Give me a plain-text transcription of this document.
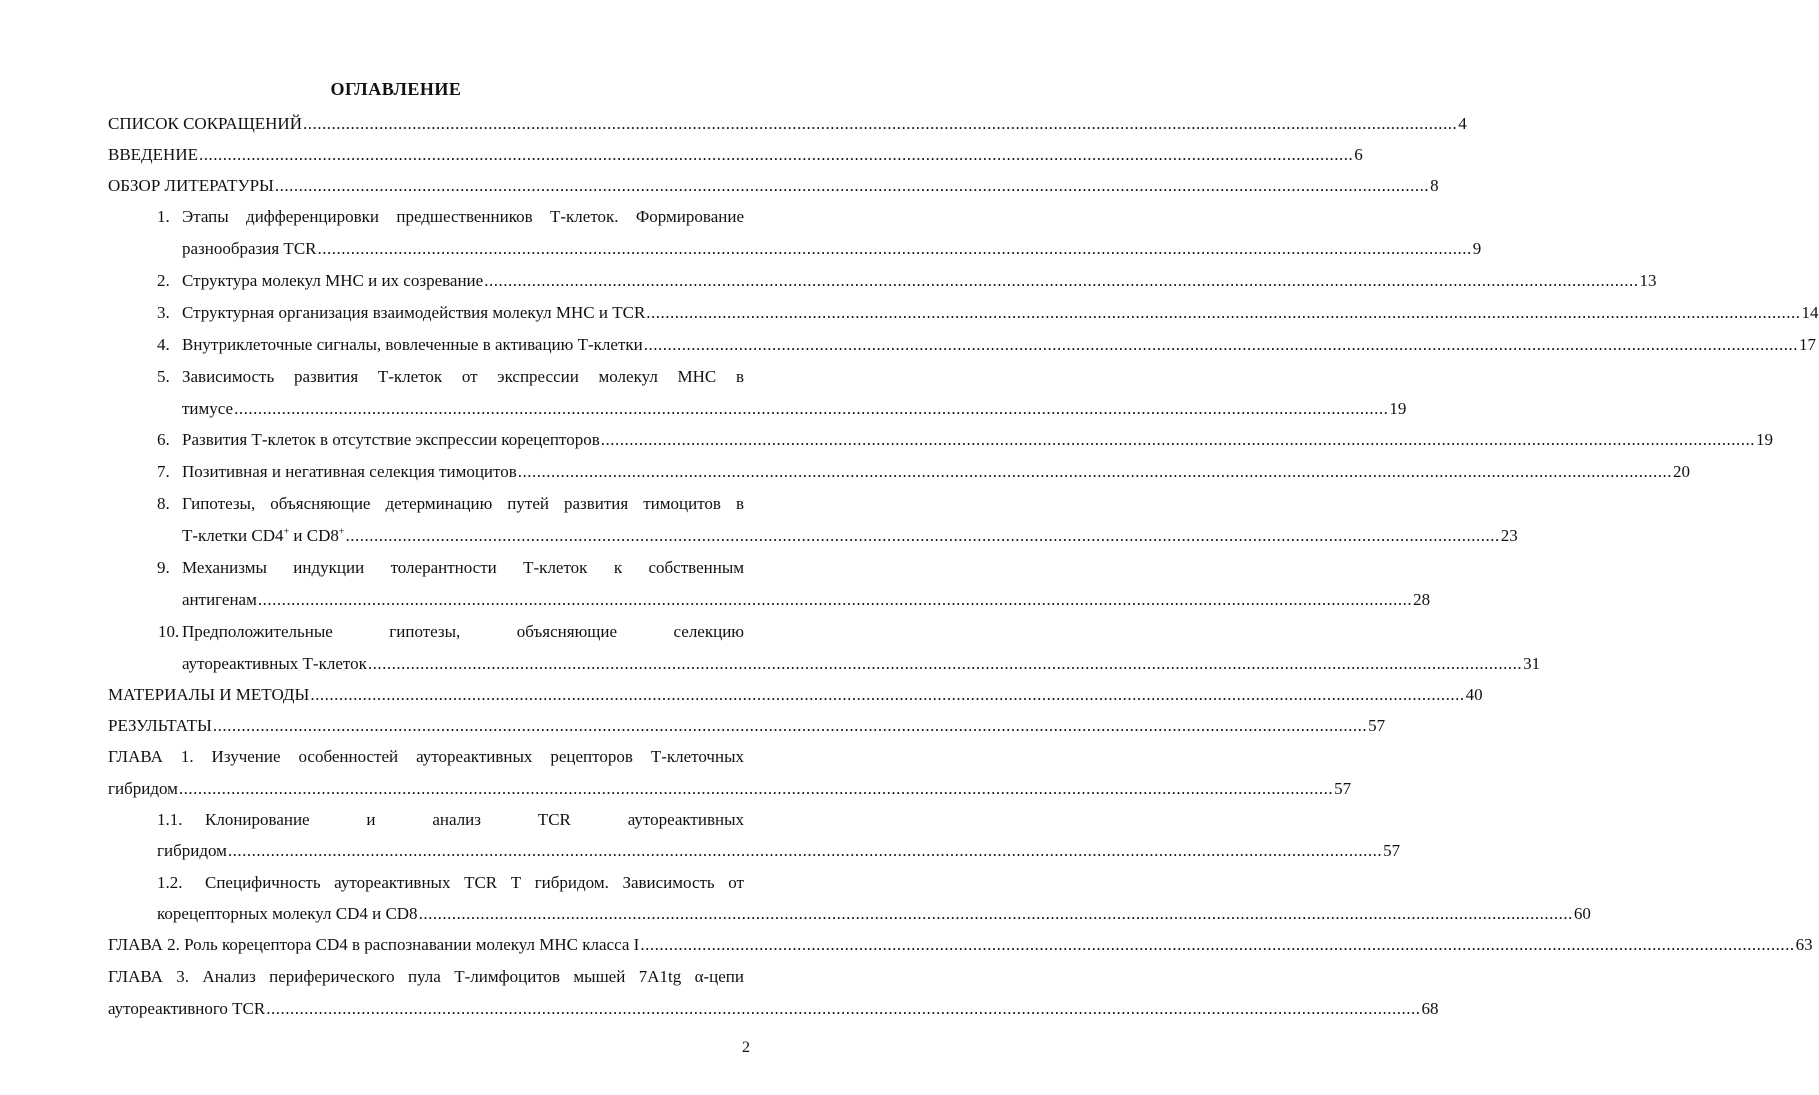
ОГЛАВЛЕНИЕ
СПИСОК СОКРАЩЕНИЙ ................................................................................................................................................................................................................................................... 4
ВВЕДЕНИЕ ................................................................................................................................................................................................................................................... 6
ОБЗОР ЛИТЕРАТУРЫ ................................................................................................................................................................................................................................................... 8
1. Этапы дифференцировки предшественников Т-клеток. Формирование
разнообразия TCR ................................................................................................................................................................................................................................................... 9
2. Структура молекул МНС и их созревание ................................................................................................................................................................................................................................................... 13
3. Структурная организация взаимодействия молекул МНС и TCR ................................................................................................................................................................................................................................................... 14
4. Внутриклеточные сигналы, вовлеченные в активацию Т-клетки ................................................................................................................................................................................................................................................... 17
5. Зависимость развития Т-клеток от экспрессии молекул МНС в
тимусе ................................................................................................................................................................................................................................................... 19
6. Развития Т-клеток в отсутствие экспрессии корецепторов ................................................................................................................................................................................................................................................... 19
7. Позитивная и негативная селекция тимоцитов ................................................................................................................................................................................................................................................... 20
8. Гипотезы, объясняющие детерминацию путей развития тимоцитов в
Т-клетки CD4+ и CD8+ ................................................................................................................................................................................................................................................... 23
9. Механизмы индукции толерантности Т-клеток к собственным
антигенам ................................................................................................................................................................................................................................................... 28
10. Предположительные гипотезы, объясняющие селекцию
аутореактивных Т-клеток ................................................................................................................................................................................................................................................... 31
МАТЕРИАЛЫ И МЕТОДЫ ................................................................................................................................................................................................................................................... 40
РЕЗУЛЬТАТЫ ................................................................................................................................................................................................................................................... 57
ГЛАВА 1. Изучение особенностей аутореактивных рецепторов Т-клеточных
гибридом ................................................................................................................................................................................................................................................... 57
1.1.	Клонирование и анализ TCR аутореактивных
гибридом ................................................................................................................................................................................................................................................... 57
1.2.	Специфичность аутореактивных TCR Т гибридом. Зависимость от
корецепторных молекул CD4 и CD8 ................................................................................................................................................................................................................................................... 60
ГЛАВА 2. Роль корецептора CD4 в распознавании молекул МНС класса I ................................................................................................................................................................................................................................................... 63
ГЛАВА 3. Анализ периферического пула Т-лимфоцитов мышей 7A1tg α-цепи
аутореактивного TCR ................................................................................................................................................................................................................................................... 68
2
